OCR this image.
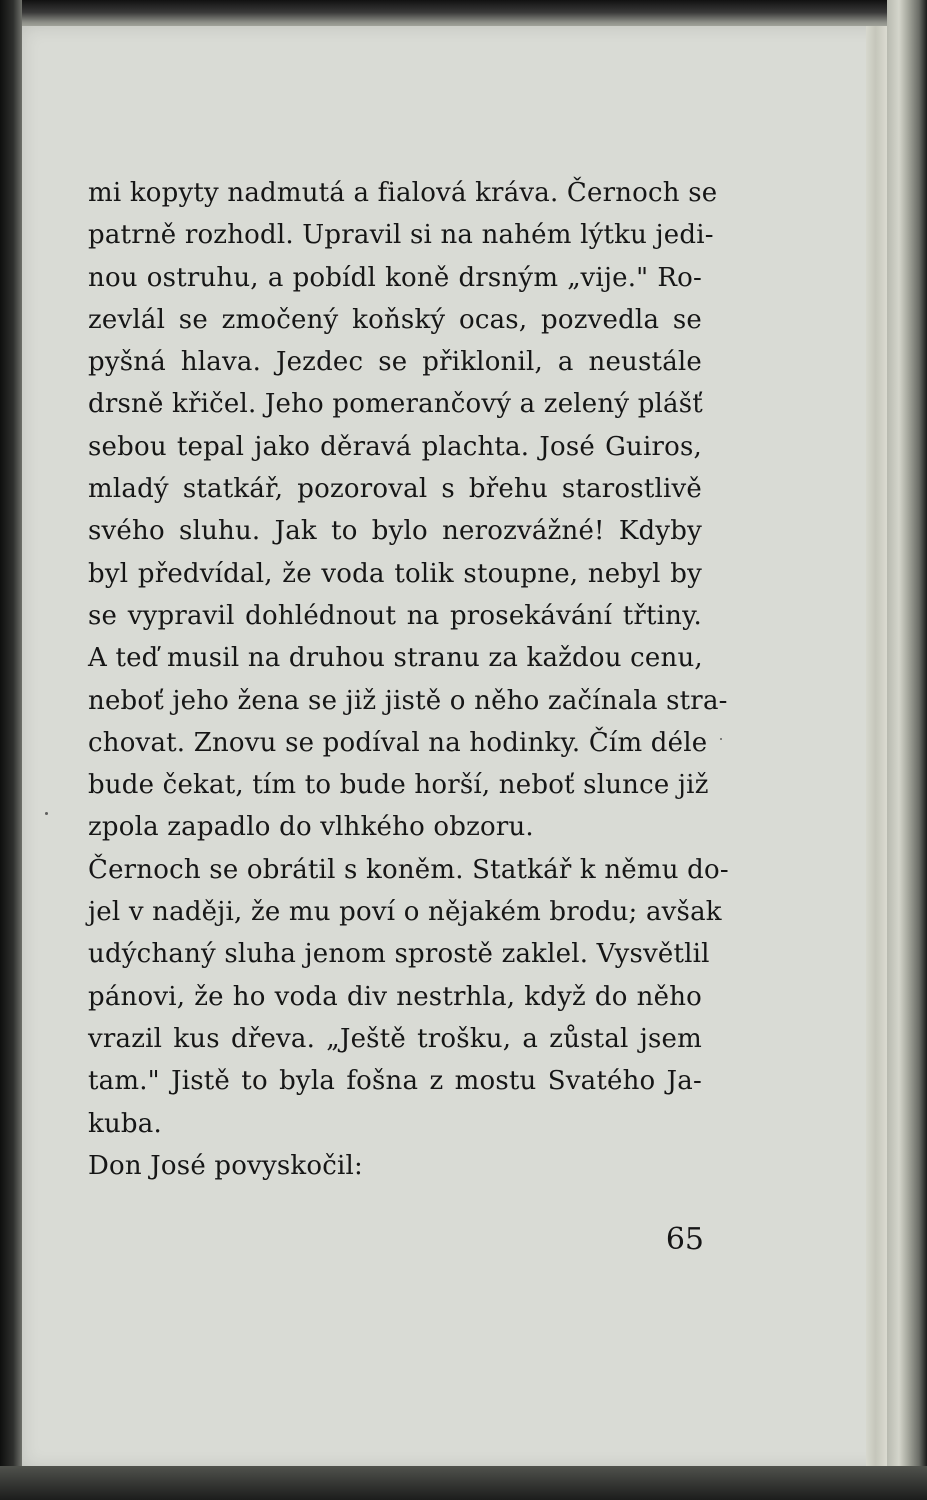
mi kopyty nadmutá a fialová kráva. Černoch se
patrně rozhodl. Upravil si na nahém lýtku jedi-
nou ostruhu, a pobídl koně drsným „vije." Ro-
zevlál se zmočený koňský ocas, pozvedla se
pyšná hlava. Jezdec se přiklonil, a neustále
drsně křičel. Jeho pomerančový a zelený plášť
sebou tepal jako děravá plachta. José Guiros,
mladý statkář, pozoroval s břehu starostlivě
svého sluhu. Jak to bylo nerozvážné! Kdyby
byl předvídal, že voda tolik stoupne, nebyl by
se vypravil dohlédnout na prosekávání třtiny.
A teď musil na druhou stranu za každou cenu,
neboť jeho žena se již jistě o něho začínala stra-
chovat. Znovu se podíval na hodinky. Čím déle
bude čekat, tím to bude horší, neboť slunce již
zpola zapadlo do vlhkého obzoru.
Černoch se obrátil s koněm. Statkář k němu do-
jel v naději, že mu poví o nějakém brodu; avšak
udýchaný sluha jenom sprostě zaklel. Vysvětlil
pánovi, že ho voda div nestrhla, když do něho
vrazil kus dřeva. „Ještě trošku, a zůstal jsem
tam." Jistě to byla fošna z mostu Svatého Ja-
kuba.
Don José povyskočil:
65
